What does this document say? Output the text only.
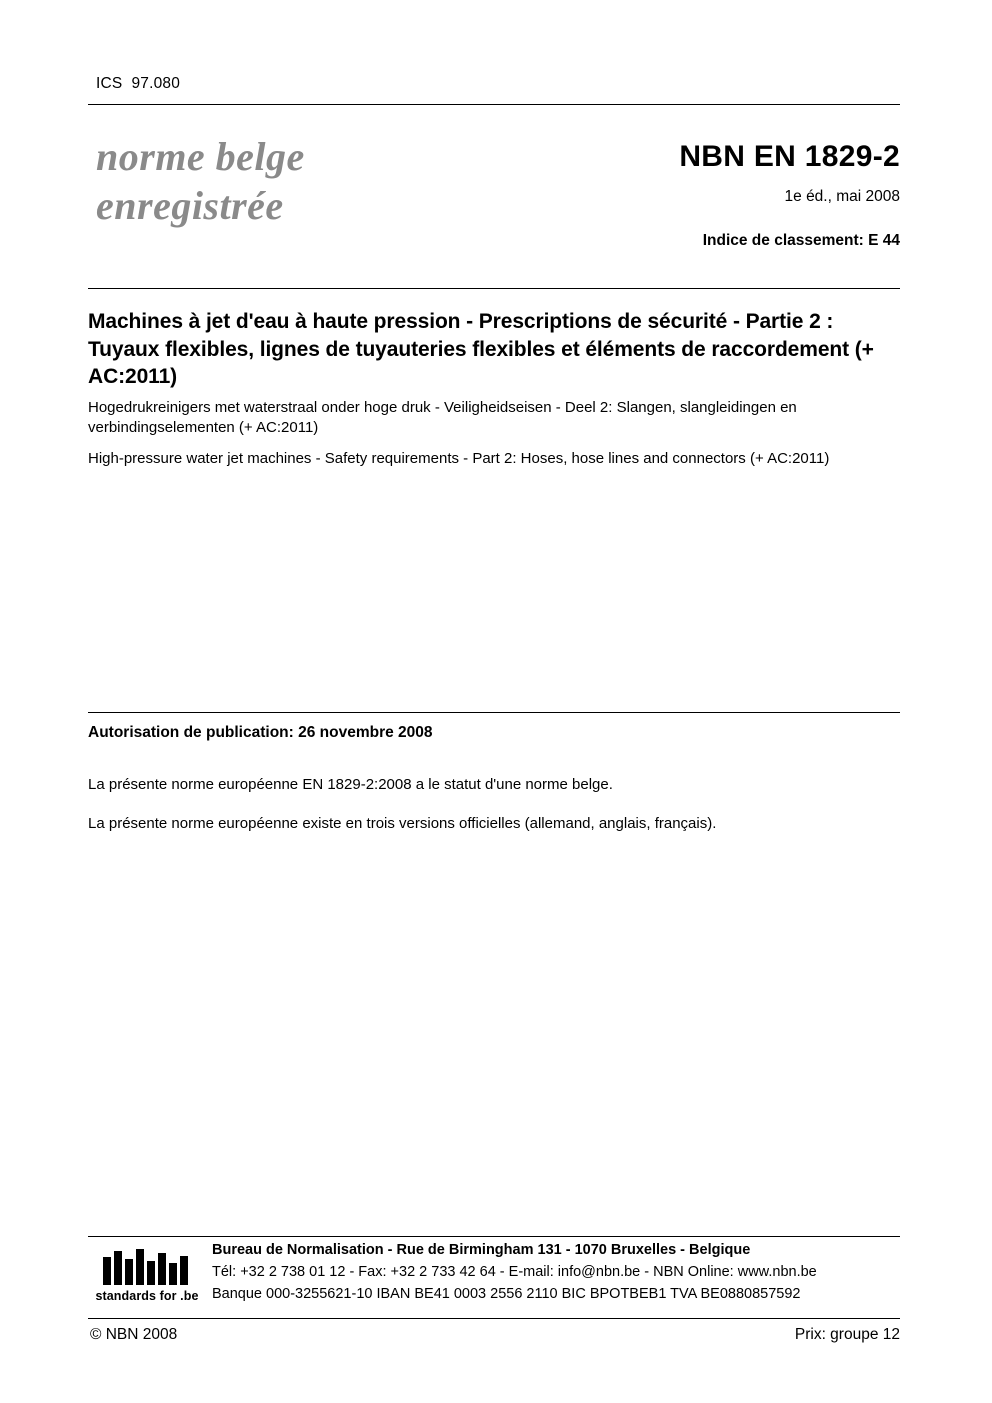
ICS 97.080
norme belge
enregistrée
NBN EN 1829-2
1e éd., mai 2008
Indice de classement: E 44
Machines à jet d'eau à haute pression - Prescriptions de sécurité - Partie 2 : Tuyaux flexibles, lignes de tuyauteries flexibles et éléments de raccordement (+ AC:2011)
Hogedrukreinigers met waterstraal onder hoge druk - Veiligheidseisen - Deel 2: Slangen, slangleidingen en verbindingselementen (+ AC:2011)
High-pressure water jet machines - Safety requirements - Part 2: Hoses, hose lines and connectors (+ AC:2011)
Autorisation de publication: 26 novembre 2008
La présente norme européenne EN 1829-2:2008 a le statut d'une norme belge.
La présente norme européenne existe en trois versions officielles (allemand, anglais, français).
standards for .be
Bureau de Normalisation - Rue de Birmingham 131 - 1070 Bruxelles - Belgique
Tél: +32 2 738 01 12 - Fax: +32 2 733 42 64 - E-mail: info@nbn.be - NBN Online: www.nbn.be
Banque 000-3255621-10 IBAN BE41 0003 2556 2110 BIC BPOTBEB1 TVA BE0880857592
© NBN 2008	Prix: groupe 12
